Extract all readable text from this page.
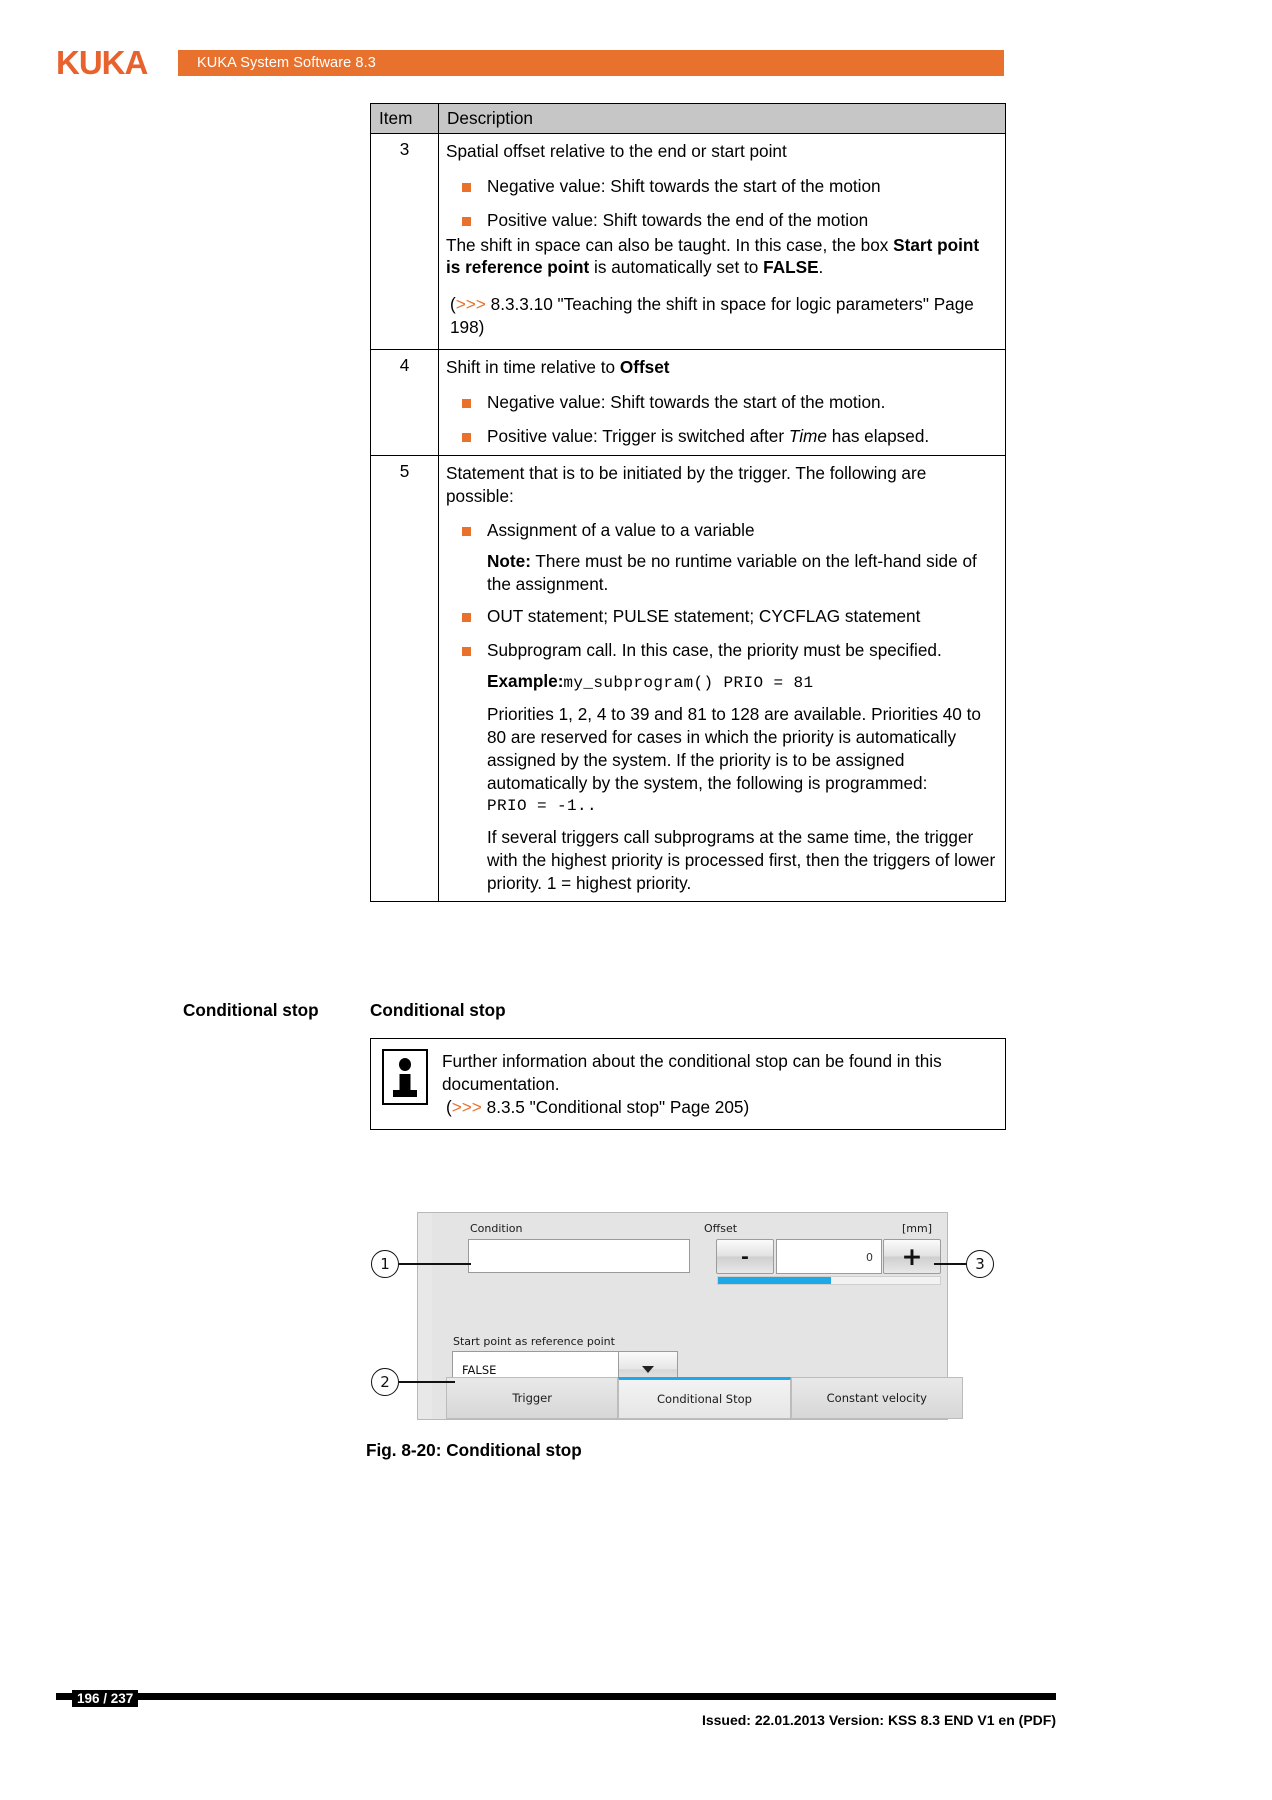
KUKA	KUKA System Software 8.3
Item	Description
3	Spatial offset relative to the end or start point
Negative value: Shift towards the start of the motion
Positive value: Shift towards the end of the motion
The shift in space can also be taught. In this case, the box Start point is reference point is automatically set to FALSE.
(>>> 8.3.3.10 "Teaching the shift in space for logic parameters" Page 198)

4	Shift in time relative to Offset
Negative value: Shift towards the start of the motion.
Positive value: Trigger is switched after Time has elapsed.

5	Statement that is to be initiated by the trigger. The following are possible:
Assignment of a value to a variable
Note: There must be no runtime variable on the left-hand side of the assignment.
OUT statement; PULSE statement; CYCFLAG statement
Subprogram call. In this case, the priority must be specified.
Example:my_subprogram() PRIO = 81
Priorities 1, 2, 4 to 39 and 81 to 128 are available. Priorities 40 to 80 are reserved for cases in which the priority is automatically assigned by the system. If the priority is to be assigned automatically by the system, the following is programmed:
PRIO = -1..
If several triggers call subprograms at the same time, the trigger with the highest priority is processed first, then the triggers of lower priority. 1 = highest priority.
Conditional stop	Conditional stop
Further information about the conditional stop can be found in this
documentation.
(>>> 8.3.5 "Conditional stop" Page 205)
1
2
3
Condition	Offset	[mm]
-	0	+
Start point as reference point
FALSE
Trigger	Conditional Stop	Constant velocity
Fig. 8-20: Conditional stop
196 / 237
Issued: 22.01.2013 Version: KSS 8.3 END V1 en (PDF)
